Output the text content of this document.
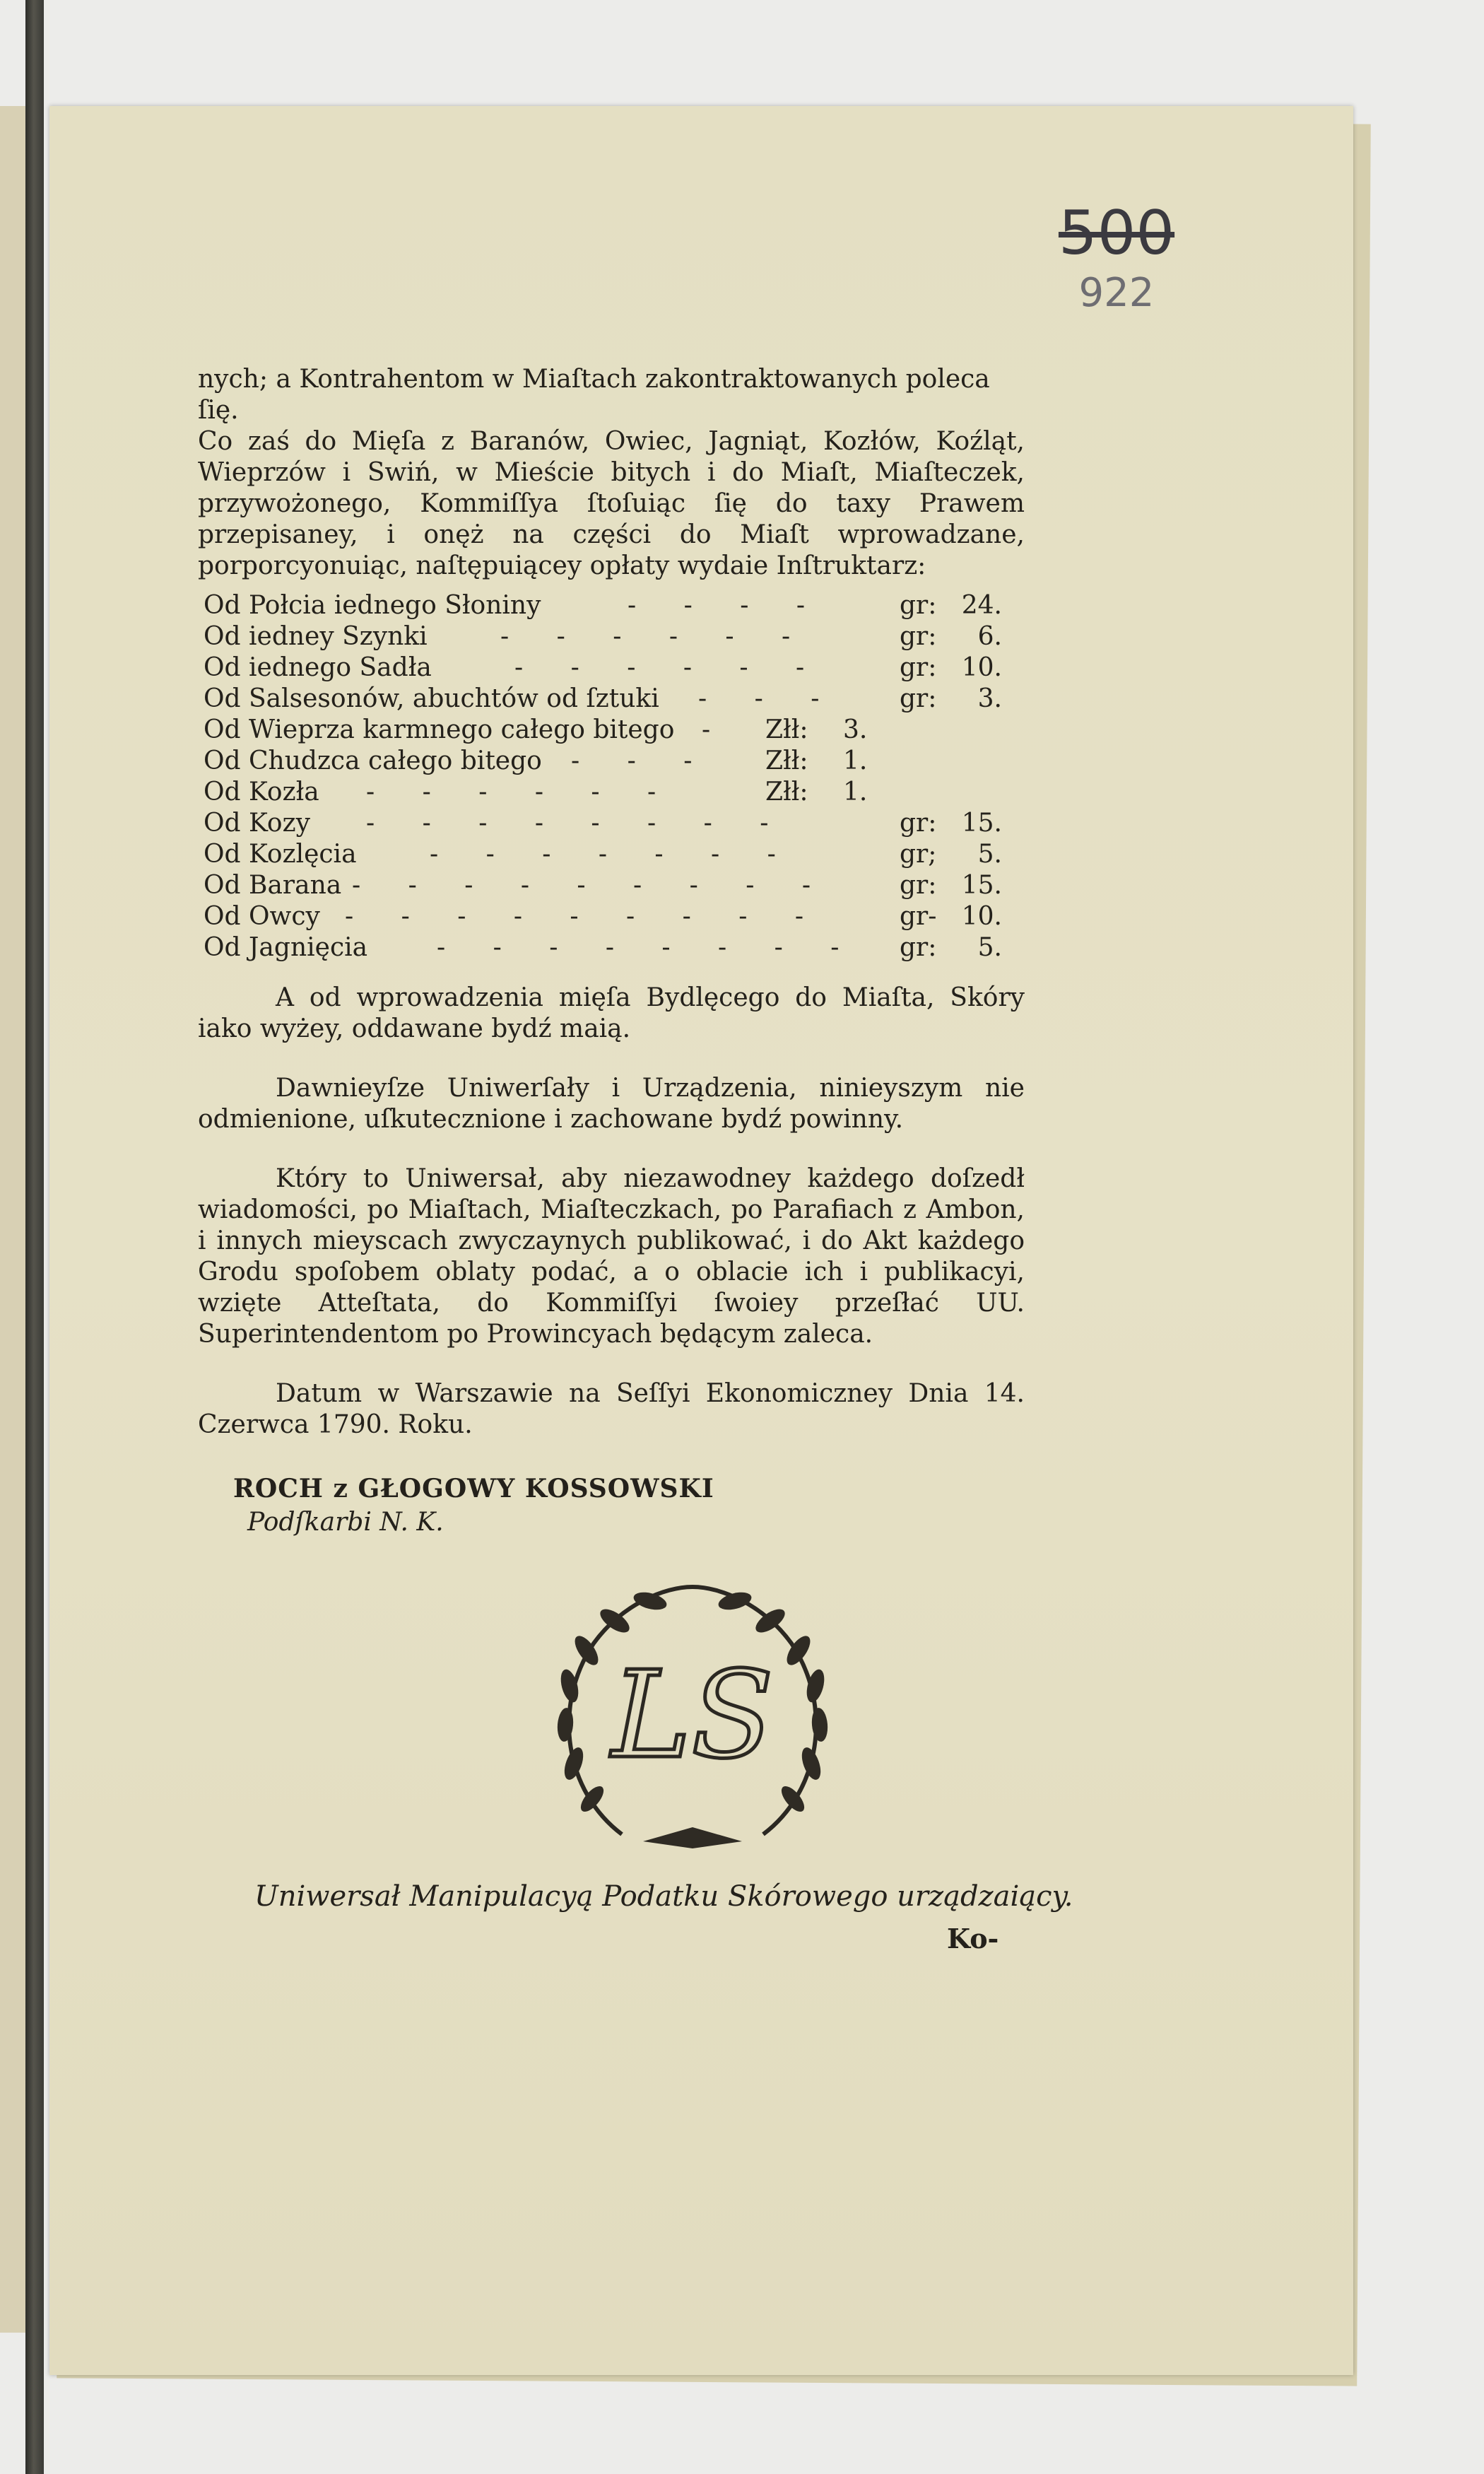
500
922

nych; a Kontrahentom w Miaſtach zakontraktowanych poleca ſię.

Co zaś do Mięſa z Baranów, Owiec, Jagniąt, Kozłów, Koźląt, Wieprzów i Swiń, w Mieście bitych i do Miaſt, Miaſteczek, przywożonego, Kommiſſya ſtoſuiąc ſię do taxy Prawem przepisaney, i onęż na części do Miaſt wprowadzane, porporcyonuiąc, naſtępuiącey opłaty wydaie Inſtruktarz:

Od Połcia iednego Słoniny	- - - -	gr: 24.
Od iedney Szynki	- - - - - -	gr: 6.
Od iednego Sadła	- - - - - -	gr: 10.
Od Salsesonów, abuchtów od ſztuki - - - gr: 3.
Od Wieprza karmnego całego bitego - Złł: 3.
Od Chudzca całego bitego - - - Złł: 1.
Od Kozła - - - - - -	Złł: 1.
Od Kozy - - - - - - - -	gr: 15.
Od Kozlęcia	- - - - - - -	gr; 5.
Od Barana - - - - - - - - -	gr: 15.
Od Owcy - - - - - - - - -	gr- 10.
Od Jagnięcia	- - - - - - - - gr: 5.

A od wprowadzenia mięſa Bydlęcego do Miaſta, Skóry iako wyżey, oddawane bydź maią.

Dawnieyſze Uniwerſały i Urządzenia, ninieyszym nie odmienione, uſkutecznione i zachowane bydź powinny.

Który to Uniwersał, aby niezawodney każdego doſzedł wiadomości, po Miaſtach, Miaſteczkach, po Parafiach z Ambon, i innych mieyscach zwyczaynych publikować, i do Akt każdego Grodu spoſobem oblaty podać, a o oblacie ich i publikacyi, wzięte Atteſtata, do Kommiſſyi ſwoiey przeſłać UU. Superintendentom po Prowincyach będącym zaleca.

Datum w Warszawie na Seſſyi Ekonomiczney Dnia 14. Czerwca 1790. Roku.

ROCH z GŁOGOWY KOSSOWSKI
Podſkarbi N. K.
LS
Uniwersał Manipulacyą Podatku Skórowego urządzaiący.
Ko-
